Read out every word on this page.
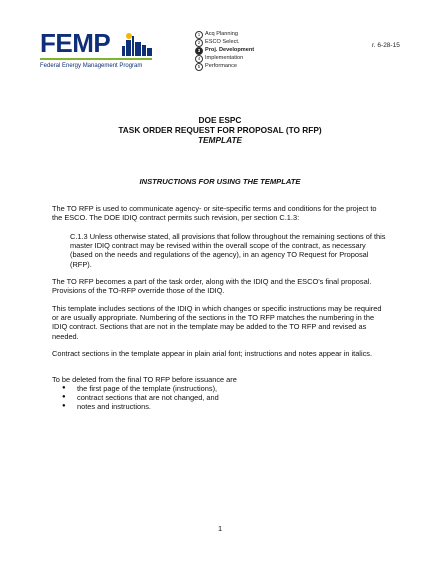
FEMP
Federal Energy Management Program
1 Acq Planning
2 ESCO Select.
3 Proj. Development
4 Implementation
5 Performance
r. 6-28-15
DOE ESPC
TASK ORDER REQUEST FOR PROPOSAL (TO RFP)
TEMPLATE
INSTRUCTIONS FOR USING THE TEMPLATE

The TO RFP is used to communicate agency- or site-specific terms and conditions for the project to the ESCO. The DOE IDIQ contract permits such revision, per section C.1.3:

C.1.3 Unless otherwise stated, all provisions that follow throughout the remaining sections of this master IDIQ contract may be revised within the overall scope of the contract, as necessary (based on the needs and regulations of the agency), in an agency TO Request for Proposal (RFP).

The TO RFP becomes a part of the task order, along with the IDIQ and the ESCO's final proposal. Provisions of the TO-RFP override those of the IDIQ.

This template includes sections of the IDIQ in which changes or specific instructions may be required or are usually appropriate. Numbering of the sections in the TO RFP matches the numbering in the IDIQ contract. Sections that are not in the template may be added to the TO RFP and revised as needed.

Contract sections in the template appear in plain arial font; instructions and notes appear in italics.

To be deleted from the final TO RFP before issuance are

● the first page of the template (instructions),
● contract sections that are not changed, and
● notes and instructions.
1
